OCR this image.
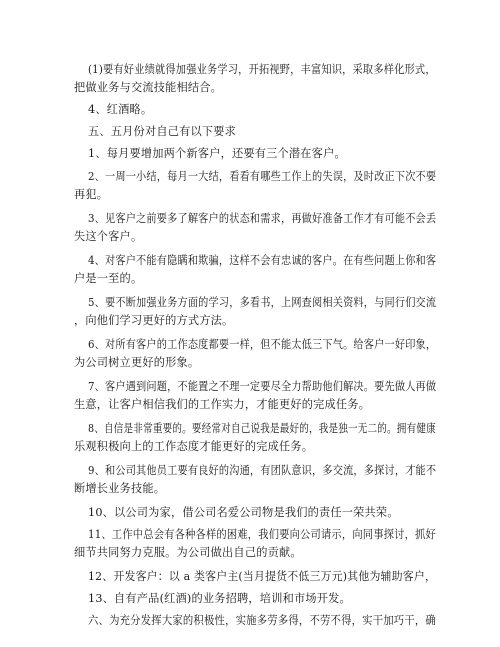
(1)要有好业绩就得加强业务学习，开拓视野，丰富知识，采取多样化形式，
把做业务与交流技能相结合。
4、红酒略。
五、五月份对自己有以下要求
1、每月要增加两个新客户，还要有三个潜在客户。
2、一周一小结，每月一大结，看看有哪些工作上的失误，及时改正下次不要
再犯。
3、见客户之前要多了解客户的状态和需求，再做好准备工作才有可能不会丢
失这个客户。
4、对客户不能有隐瞒和欺骗，这样不会有忠诚的客户。在有些问题上你和客
户是一至的。
5、要不断加强业务方面的学习，多看书，上网查阅相关资料，与同行们交流
，向他们学习更好的方式方法。
6、对所有客户的工作态度都要一样，但不能太低三下气。给客户一好印象，
为公司树立更好的形象。
7、客户遇到问题，不能置之不理一定要尽全力帮助他们解决。要先做人再做
生意，让客户相信我们的工作实力，才能更好的完成任务。
8、自信是非常重要的。要经常对自己说我是最好的，我是独一无二的。拥有健康
乐观积极向上的工作态度才能更好的完成任务。
9、和公司其他员工要有良好的沟通，有团队意识，多交流，多探讨，才能不
断增长业务技能。
10、以公司为家，借公司名爱公司物是我们的责任一荣共荣。
11、工作中总会有各种各样的困难，我们要向公司请示，向同事探讨，抓好
细节共同努力克服。为公司做出自己的贡献。
12、开发客户：以 a 类客户主(当月提货不低三万元)其他为辅助客户，
13、自有产品(红酒)的业务招聘，培训和市场开发。
六、为充分发挥大家的积极性，实施多劳多得，不劳不得，实干加巧干，确
